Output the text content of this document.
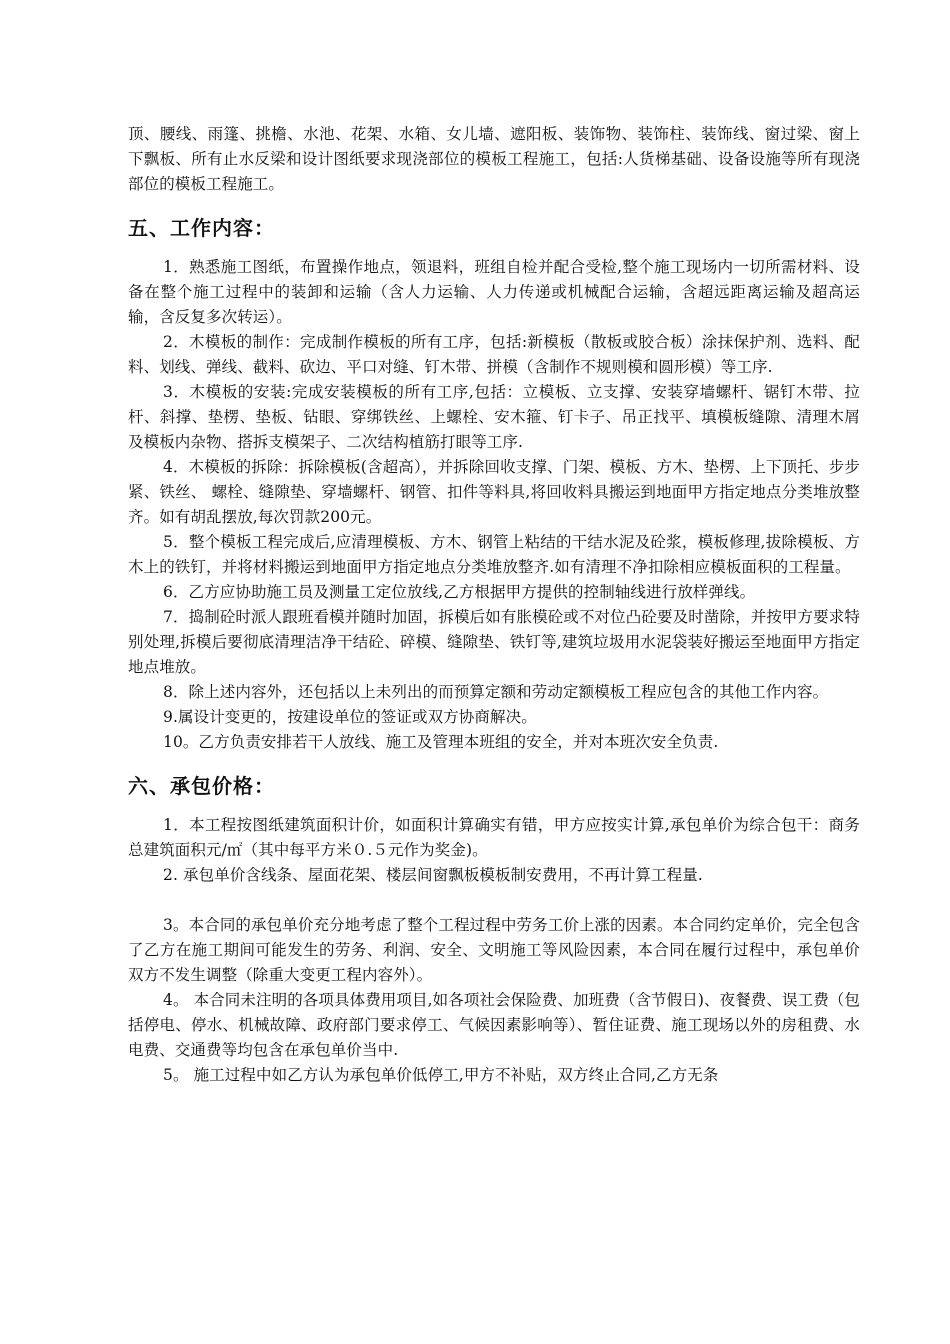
顶、腰线、雨篷、挑檐、水池、花架、水箱、女儿墙、遮阳板、装饰物、装饰柱、装饰线、窗过梁、窗上下飘板、所有止水反梁和设计图纸要求现浇部位的模板工程施工，包括:人货梯基础、设备设施等所有现浇部位的模板工程施工。

五、工作内容：

1．熟悉施工图纸，布置操作地点，领退料，班组自检并配合受检,整个施工现场内一切所需材料、设备在整个施工过程中的装卸和运输（含人力运输、人力传递或机械配合运输，含超远距离运输及超高运输，含反复多次转运）。

2．木模板的制作：完成制作模板的所有工序，包括:新模板（散板或胶合板）涂抹保护剂、选料、配料、划线、弹线、截料、砍边、平口对缝、钉木带、拼模（含制作不规则模和圆形模）等工序.

3．木模板的安装:完成安装模板的所有工序,包括：立模板、立支撑、安装穿墙螺杆、锯钉木带、拉杆、斜撑、垫楞、垫板、钻眼、穿绑铁丝、上螺栓、安木箍、钉卡子、吊正找平、填模板缝隙、清理木屑及模板内杂物、搭拆支模架子、二次结构植筋打眼等工序.

4．木模板的拆除：拆除模板(含超高），并拆除回收支撑、门架、模板、方木、垫楞、上下顶托、步步紧、铁丝、 螺栓、缝隙垫、穿墙螺杆、钢管、扣件等料具,将回收料具搬运到地面甲方指定地点分类堆放整齐。如有胡乱摆放,每次罚款200元。

5．整个模板工程完成后,应清理模板、方木、钢管上粘结的干结水泥及砼浆，模板修理,拔除模板、方木上的铁钉，并将材料搬运到地面甲方指定地点分类堆放整齐.如有清理不净扣除相应模板面积的工程量。

6．乙方应协助施工员及测量工定位放线,乙方根据甲方提供的控制轴线进行放样弹线。

7．捣制砼时派人跟班看模并随时加固，拆模后如有胀模砼或不对位凸砼要及时凿除，并按甲方要求特别处理,拆模后要彻底清理洁净干结砼、碎模、缝隙垫、铁钉等,建筑垃圾用水泥袋装好搬运至地面甲方指定地点堆放。

8．除上述内容外，还包括以上未列出的而预算定额和劳动定额模板工程应包含的其他工作内容。

9.属设计变更的，按建设单位的签证或双方协商解决。

10。乙方负责安排若干人放线、施工及管理本班组的安全，并对本班次安全负责.

六、承包价格：

1．本工程按图纸建筑面积计价，如面积计算确实有错，甲方应按实计算,承包单价为综合包干：商务总建筑面积元/㎡（其中每平方米０.５元作为奖金)。

2. 承包单价含线条、屋面花架、楼层间窗飘板模板制安费用，不再计算工程量.

3。本合同的承包单价充分地考虑了整个工程过程中劳务工价上涨的因素。本合同约定单价，完全包含了乙方在施工期间可能发生的劳务、利润、安全、文明施工等风险因素，本合同在履行过程中，承包单价双方不发生调整（除重大变更工程内容外）。

4。 本合同未注明的各项具体费用项目,如各项社会保险费、加班费（含节假日)、夜餐费、误工费（包括停电、停水、机械故障、政府部门要求停工、气候因素影响等）、暂住证费、施工现场以外的房租费、水电费、交通费等均包含在承包单价当中.

5。 施工过程中如乙方认为承包单价低停工,甲方不补贴，双方终止合同,乙方无条
